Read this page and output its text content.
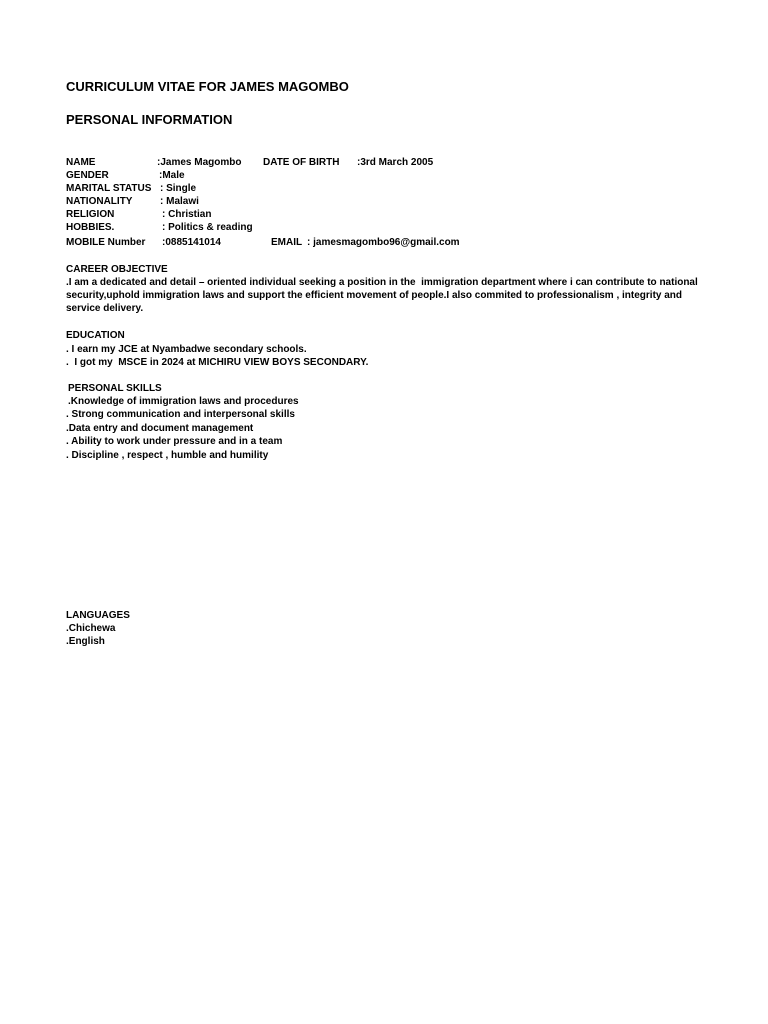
CURRICULUM VITAE FOR JAMES MAGOMBO
PERSONAL INFORMATION
NAME	:James Magombo DATE OF BIRTH :3rd March 2005
GENDER	:Male
MARITAL STATUS : Single
NATIONALITY	: Malawi
RELIGION	: Christian
HOBBIES.	: Politics & reading
MOBILE Number :0885141014	EMAIL : jamesmagombo96@gmail.com
CAREER OBJECTIVE
.I am a dedicated and detail – oriented individual seeking a position in the  immigration department where i can contribute to national
security,uphold immigration laws and support the efficient movement of people.I also commited to professionalism , integrity and
service delivery.
EDUCATION
. I earn my JCE at Nyambadwe secondary schools.
.  I got my  MSCE in 2024 at MICHIRU VIEW BOYS SECONDARY.
PERSONAL SKILLS
.Knowledge of immigration laws and procedures
. Strong communication and interpersonal skills
.Data entry and document management
. Ability to work under pressure and in a team
. Discipline , respect , humble and humility
LANGUAGES
.Chichewa
.English
